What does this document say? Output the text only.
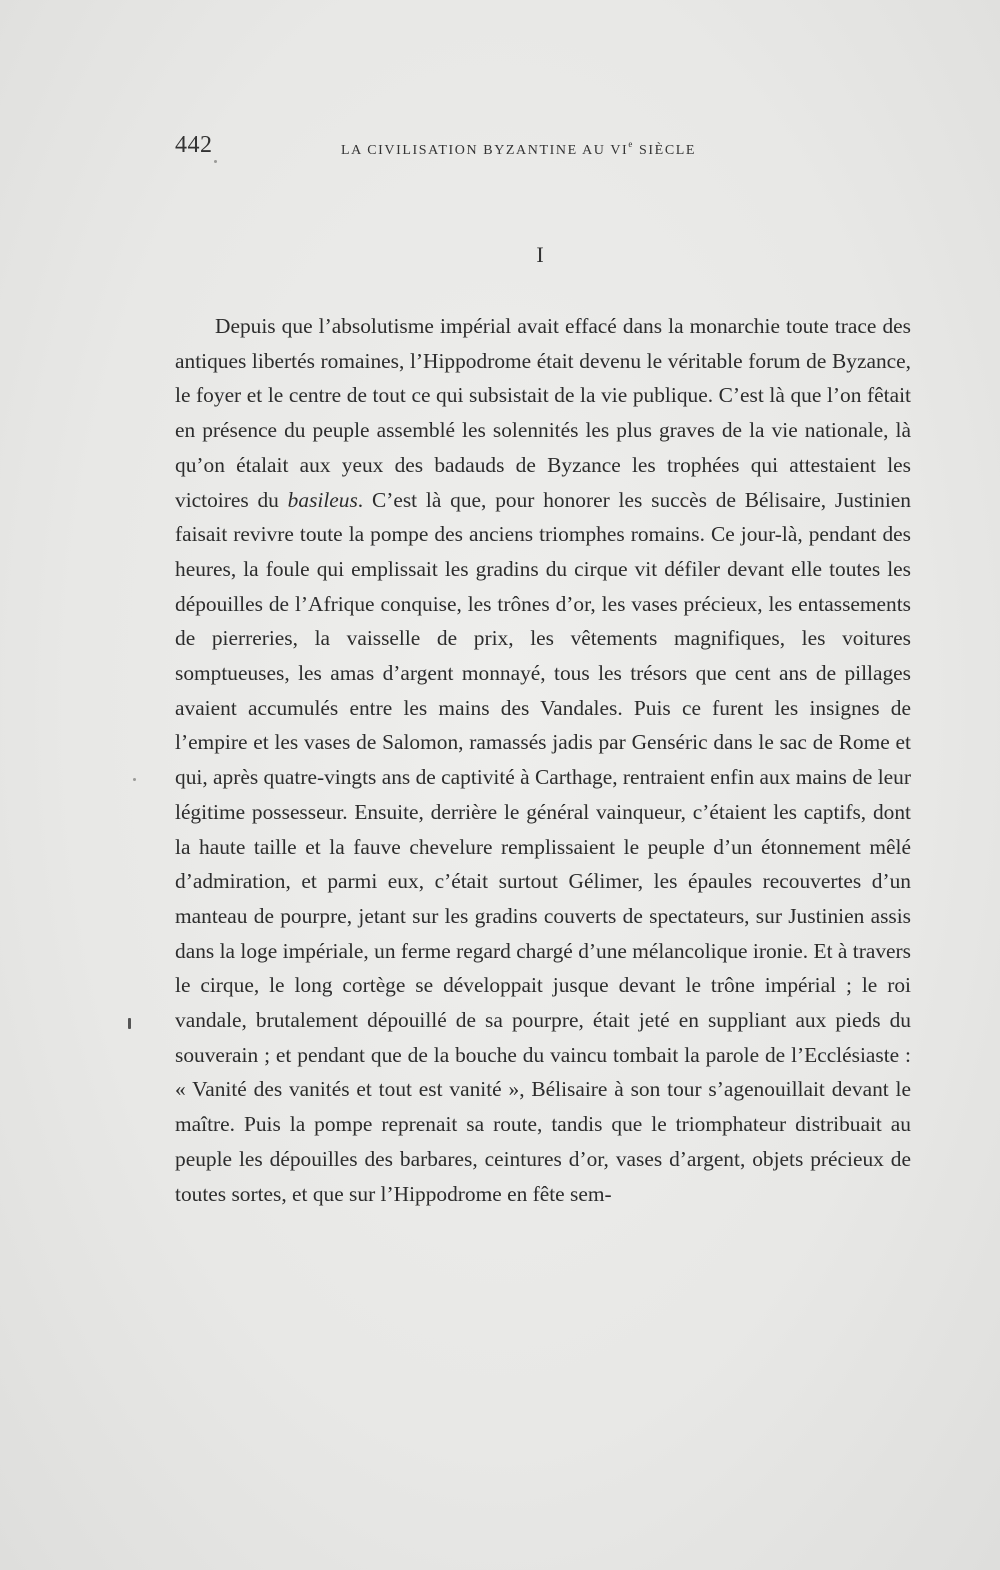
442	LA CIVILISATION BYZANTINE AU VIe SIÈCLE
I

Depuis que l’absolutisme impérial avait effacé dans la monarchie toute trace des antiques libertés romaines, l’Hippodrome était devenu le véritable forum de Byzance, le foyer et le centre de tout ce qui subsistait de la vie publique. C’est là que l’on fêtait en présence du peuple assemblé les solennités les plus graves de la vie nationale, là qu’on étalait aux yeux des badauds de Byzance les trophées qui attestaient les victoires du basileus. C’est là que, pour honorer les succès de Bélisaire, Justinien faisait revivre toute la pompe des anciens triomphes romains. Ce jour-là, pendant des heures, la foule qui emplissait les gradins du cirque vit défiler devant elle toutes les dépouilles de l’Afrique conquise, les trônes d’or, les vases précieux, les entassements de pierreries, la vaisselle de prix, les vêtements magnifiques, les voitures somptueuses, les amas d’argent monnayé, tous les trésors que cent ans de pillages avaient accumulés entre les mains des Vandales. Puis ce furent les insignes de l’empire et les vases de Salomon, ramassés jadis par Genséric dans le sac de Rome et qui, après quatre-vingts ans de captivité à Carthage, rentraient enfin aux mains de leur légitime possesseur. Ensuite, derrière le général vainqueur, c’étaient les captifs, dont la haute taille et la fauve chevelure remplissaient le peuple d’un étonnement mêlé d’admiration, et parmi eux, c’était surtout Gélimer, les épaules recouvertes d’un manteau de pourpre, jetant sur les gradins couverts de spectateurs, sur Justinien assis dans la loge impériale, un ferme regard chargé d’une mélancolique ironie. Et à travers le cirque, le long cortège se développait jusque devant le trône impérial ; le roi vandale, brutalement dépouillé de sa pourpre, était jeté en suppliant aux pieds du souverain ; et pendant que de la bouche du vaincu tombait la parole de l’Ecclésiaste : « Vanité des vanités et tout est vanité », Bélisaire à son tour s’agenouillait devant le maître. Puis la pompe reprenait sa route, tandis que le triomphateur distribuait au peuple les dépouilles des barbares, ceintures d’or, vases d’argent, objets précieux de toutes sortes, et que sur l’Hippodrome en fête sem-
